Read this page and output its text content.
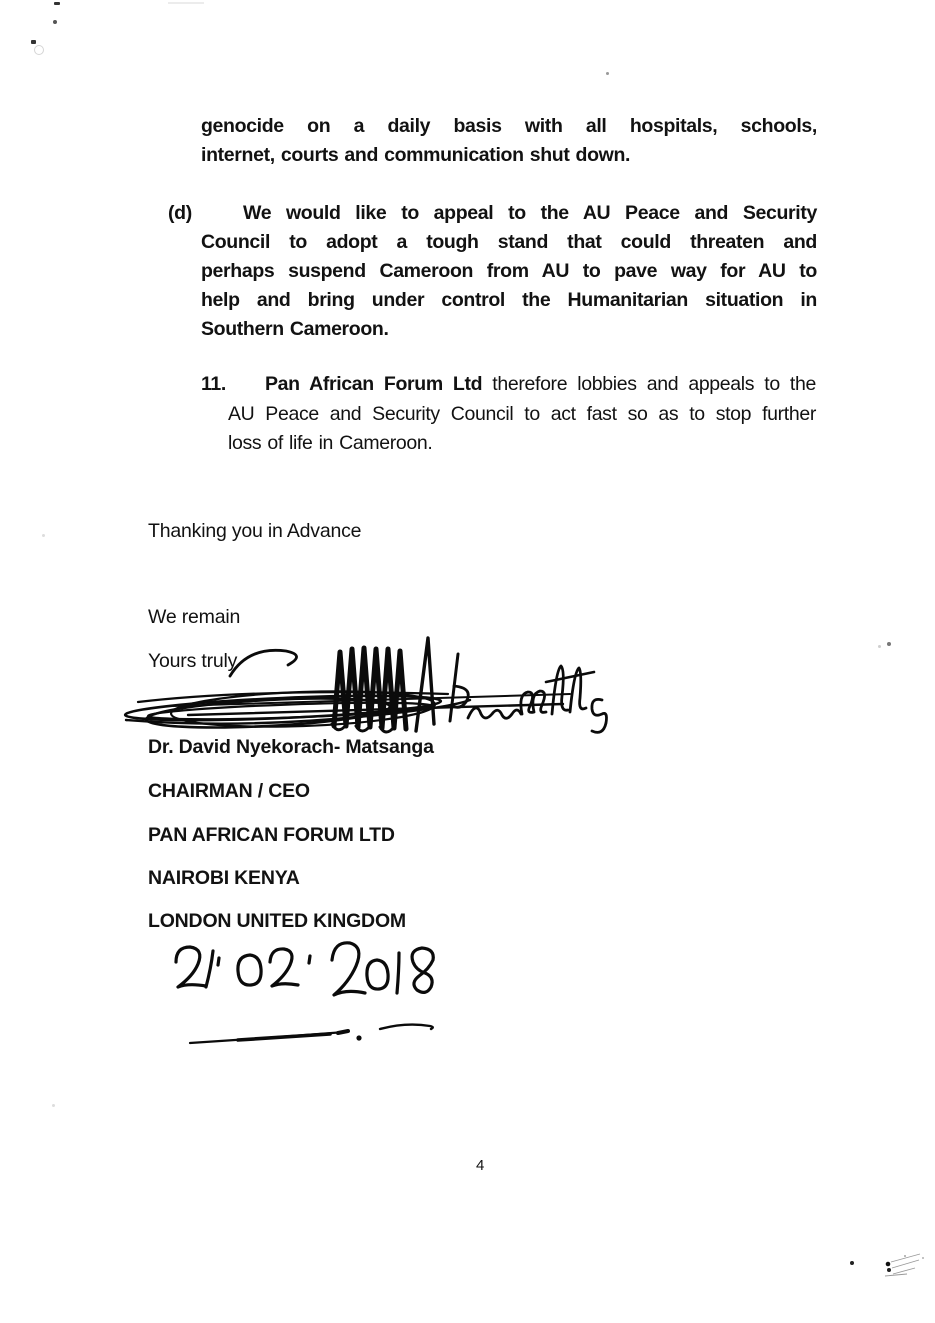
genocide on a daily basis with all hospitals, schools,
internet, courts and communication shut down.
(d)	We would like to appeal to the AU Peace and Security
Council to adopt a tough stand that could threaten and
perhaps suspend Cameroon from AU to pave way for AU to
help and bring under control the Humanitarian situation in
Southern Cameroon.
11.	Pan African Forum Ltd therefore lobbies and appeals to the
AU Peace and Security Council to act fast so as to stop further
loss of life in Cameroon.
Thanking you in Advance
We remain
Yours truly
Dr. David Nyekorach- Matsanga
CHAIRMAN / CEO
PAN AFRICAN FORUM LTD
NAIROBI KENYA
LONDON UNITED KINGDOM
4
